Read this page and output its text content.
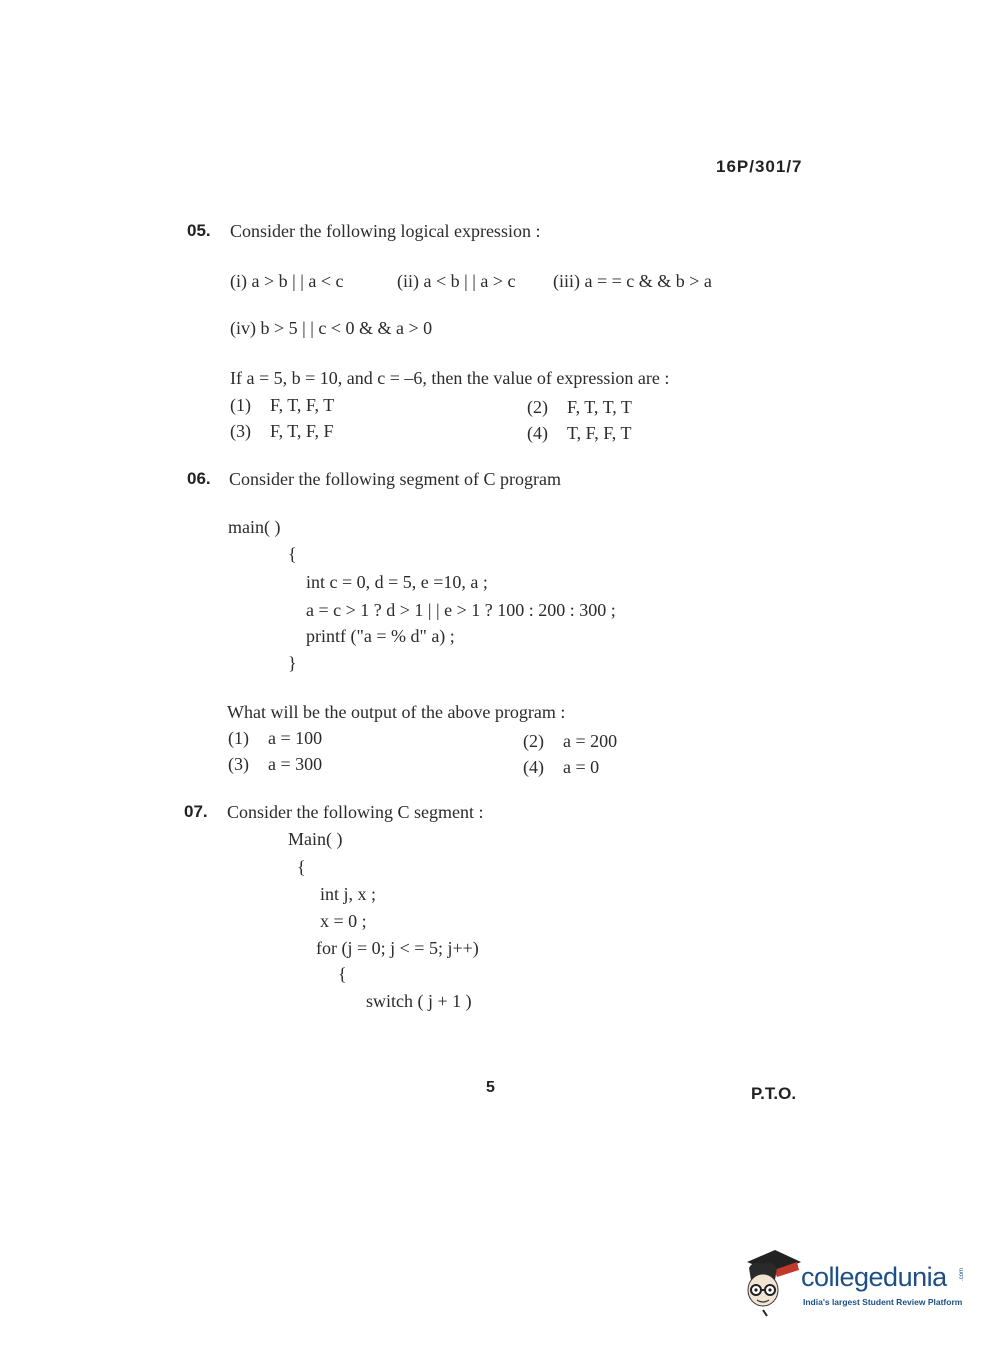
16P/301/7
05. Consider the following logical expression :
(i) a > b | | a < c	(ii) a < b | | a > c (iii) a = = c & & b > a
(iv) b > 5 | | c < 0 & & a > 0
If a = 5, b = 10, and c = –6, then the value of expression are :
(1) F, T, F, T	(2) F, T, T, T
(3) F, T, F, F	(4) T, F, F, T
06. Consider the following segment of C program
main( )
{
int c = 0, d = 5, e =10, a ;
a = c > 1 ? d > 1 | | e > 1 ? 100 : 200 : 300 ;
printf ("a = % d" a) ;
}
What will be the output of the above program :
(1) a = 100	(2) a = 200
(3) a = 300	(4) a = 0
07. Consider the following C segment :
Main( )
{
int j, x ;
x = 0 ;
for (j = 0; j < = 5; j++)
{
switch ( j + 1 )
5	P.T.O.
collegedunia .com
India's largest Student Review Platform
